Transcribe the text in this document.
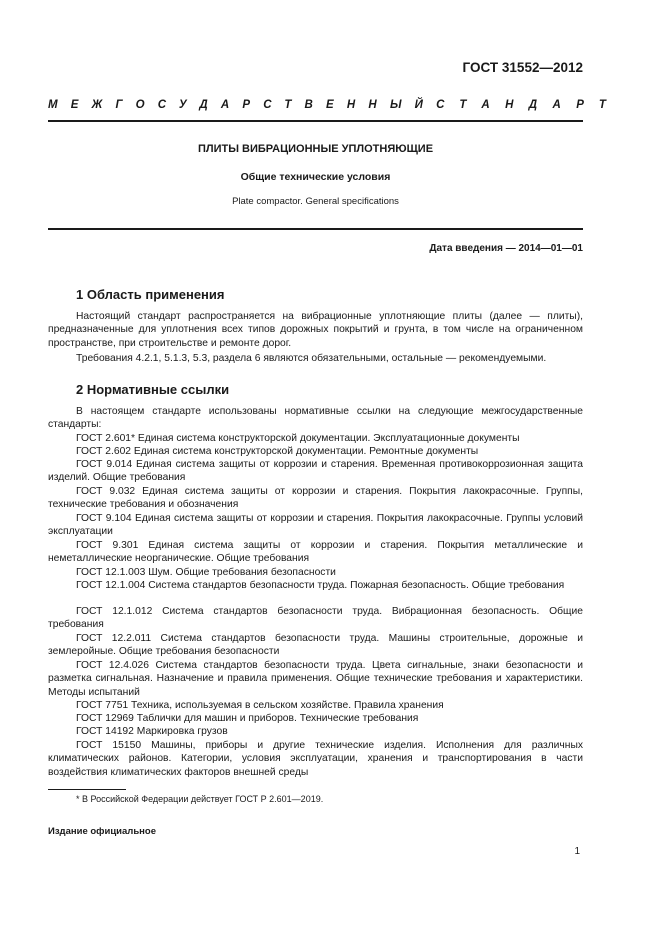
ГОСТ 31552—2012
МЕЖГОСУДАРСТВЕННЫЙ СТАНДАРТ
ПЛИТЫ ВИБРАЦИОННЫЕ УПЛОТНЯЮЩИЕ
Общие технические условия
Plate compactor. General specifications
Дата введения — 2014—01—01
1 Область применения
Настоящий стандарт распространяется на вибрационные уплотняющие плиты (далее — плиты), предназначенные для уплотнения всех типов дорожных покрытий и грунта, в том числе на ограниченном пространстве, при строительстве и ремонте дорог.
Требования 4.2.1, 5.1.3, 5.3, раздела 6 являются обязательными, остальные — рекомендуемыми.
2 Нормативные ссылки
В настоящем стандарте использованы нормативные ссылки на следующие межгосударственные стандарты:
ГОСТ 2.601* Единая система конструкторской документации. Эксплуатационные документы
ГОСТ 2.602 Единая система конструкторской документации. Ремонтные документы
ГОСТ 9.014 Единая система защиты от коррозии и старения. Временная противокоррозионная защита изделий. Общие требования
ГОСТ 9.032 Единая система защиты от коррозии и старения. Покрытия лакокрасочные. Группы, технические требования и обозначения
ГОСТ 9.104 Единая система защиты от коррозии и старения. Покрытия лакокрасочные. Группы условий эксплуатации
ГОСТ 9.301 Единая система защиты от коррозии и старения. Покрытия металлические и неметаллические неорганические. Общие требования
ГОСТ 12.1.003 Шум. Общие требования безопасности
ГОСТ 12.1.004 Система стандартов безопасности труда. Пожарная безопасность. Общие требования
ГОСТ 12.1.012 Система стандартов безопасности труда. Вибрационная безопасность. Общие требования
ГОСТ 12.2.011 Система стандартов безопасности труда. Машины строительные, дорожные и землеройные. Общие требования безопасности
ГОСТ 12.4.026 Система стандартов безопасности труда. Цвета сигнальные, знаки безопасности и разметка сигнальная. Назначение и правила применения. Общие технические требования и характеристики. Методы испытаний
ГОСТ 7751 Техника, используемая в сельском хозяйстве. Правила хранения
ГОСТ 12969 Таблички для машин и приборов. Технические требования
ГОСТ 14192 Маркировка грузов
ГОСТ 15150 Машины, приборы и другие технические изделия. Исполнения для различных климатических районов. Категории, условия эксплуатации, хранения и транспортирования в части воздействия климатических факторов внешней среды
* В Российской Федерации действует ГОСТ Р 2.601—2019.
Издание официальное
1
